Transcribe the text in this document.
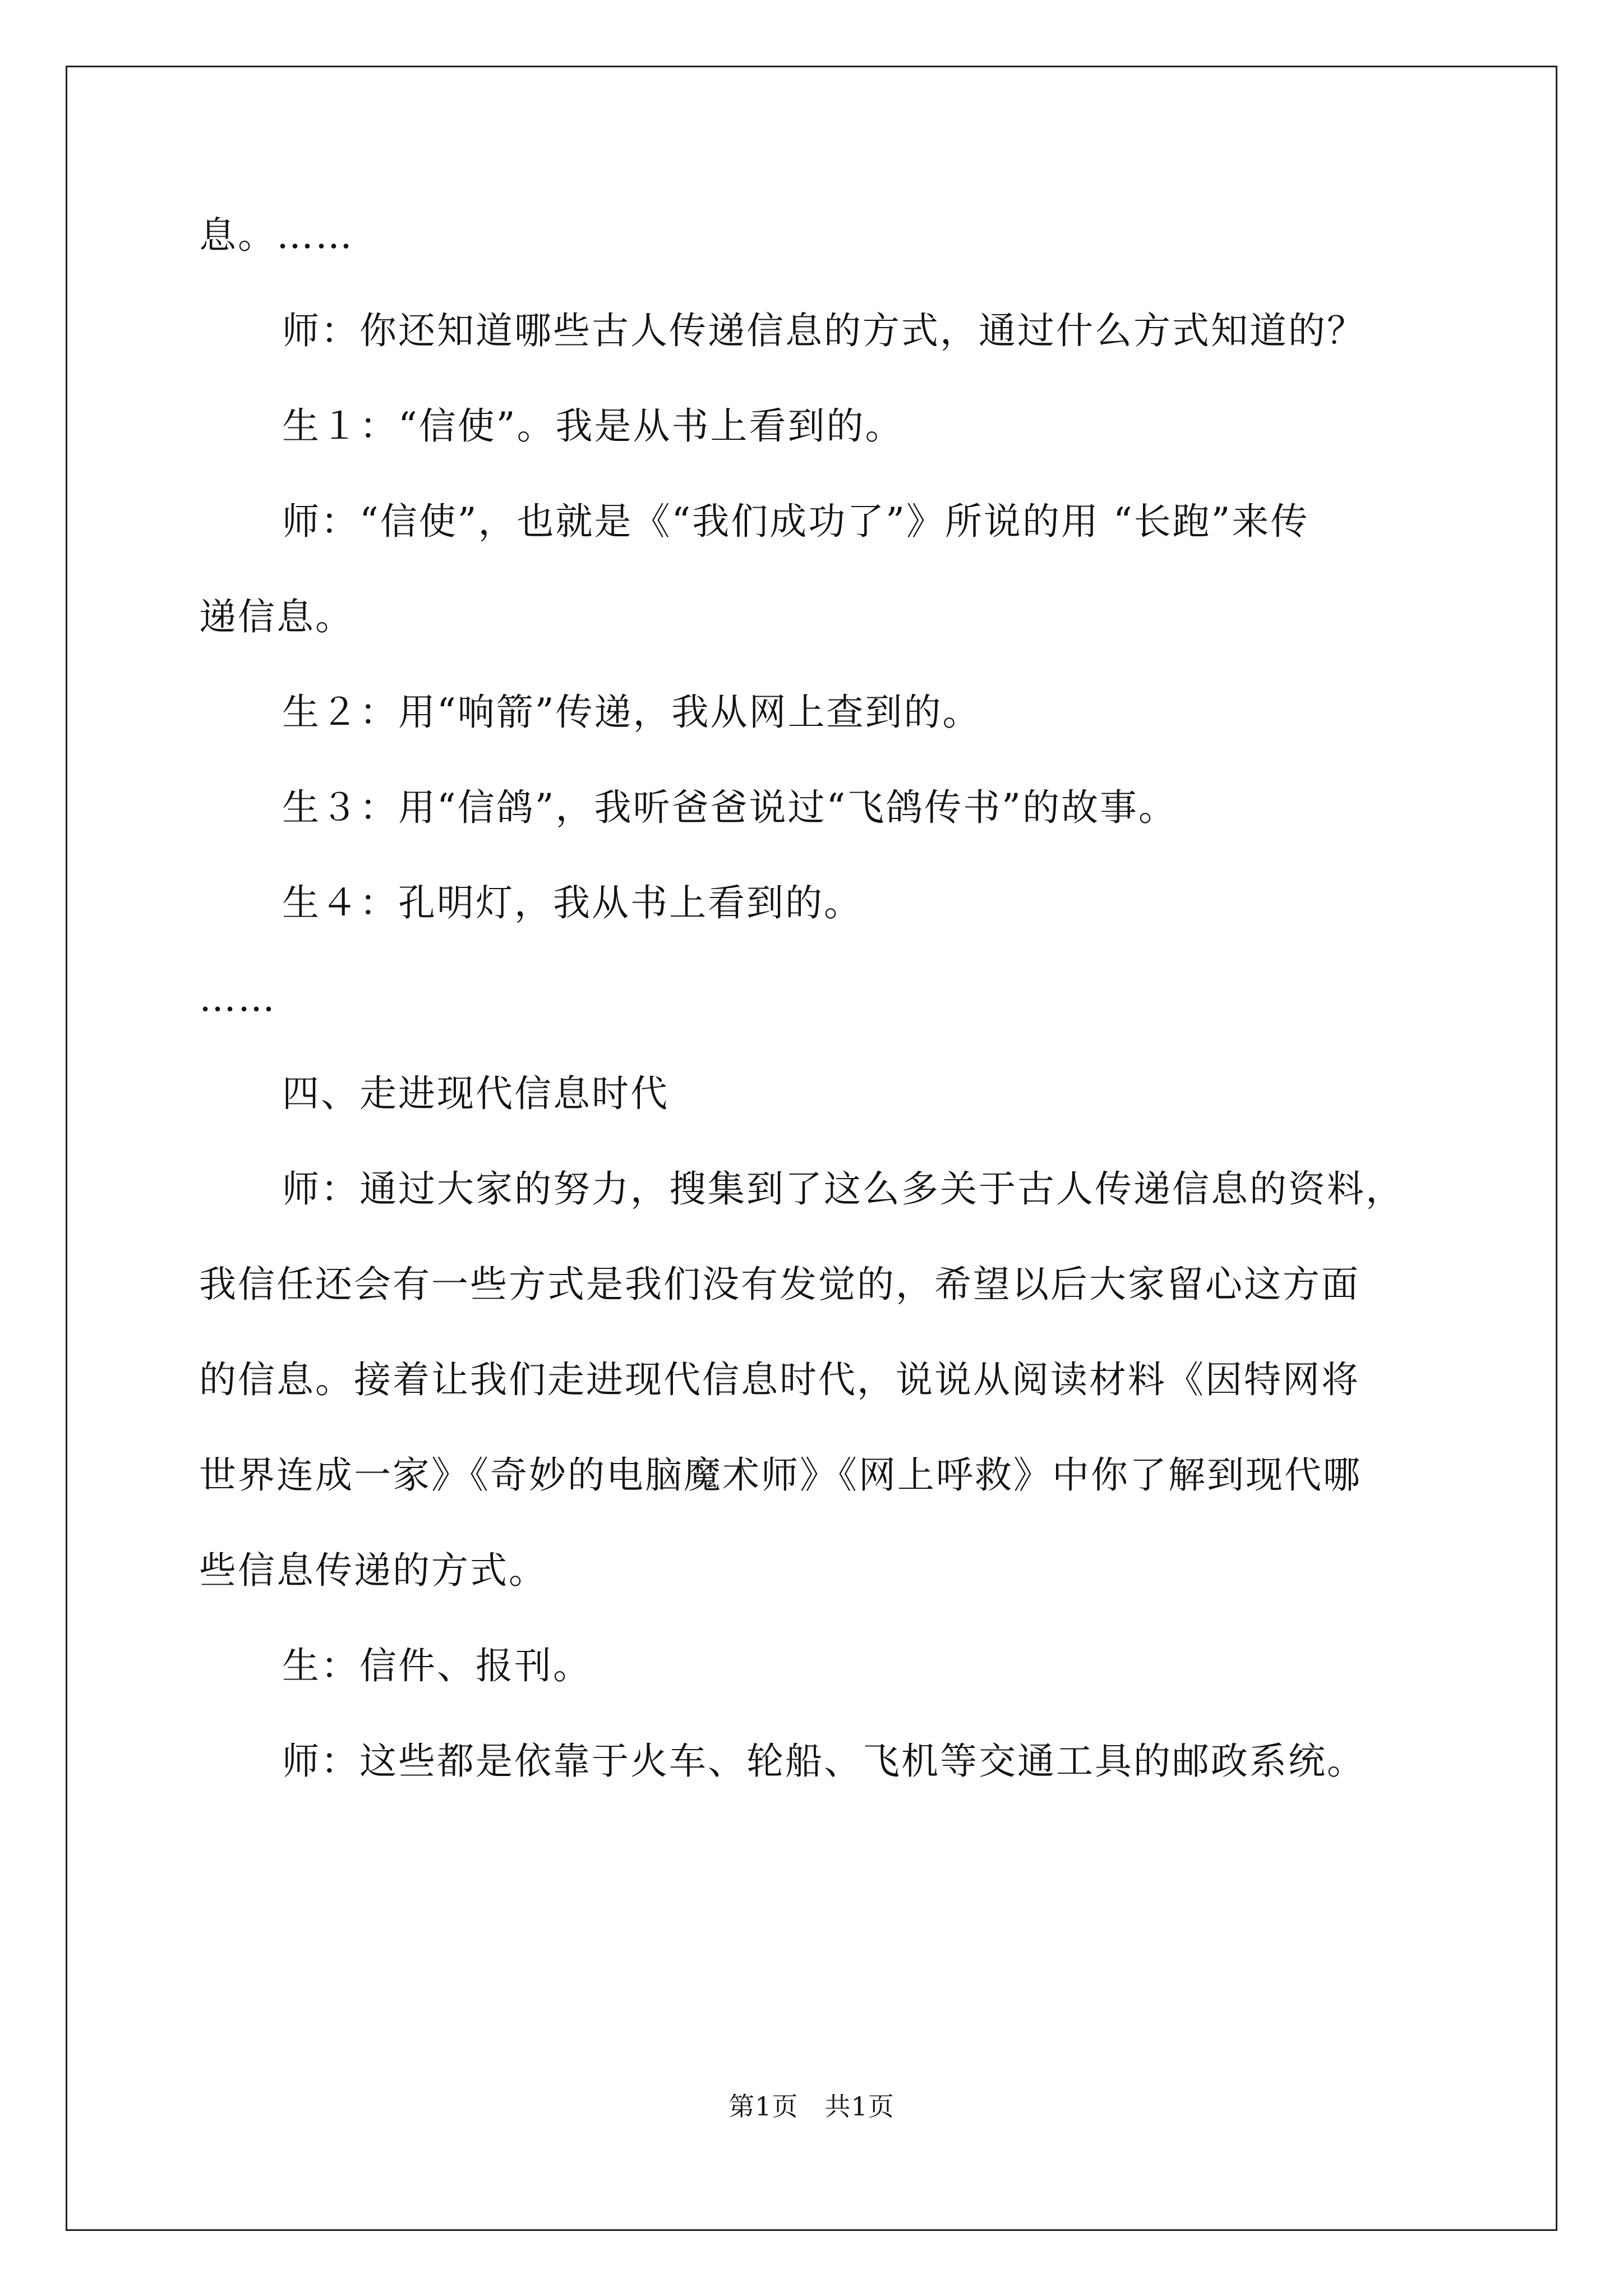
息。……
师：你还知道哪些古人传递信息的方式，通过什么方式知道的？
生１：“信使”。我是从书上看到的。
师：“信使”，也就是《“我们成功了”》所说的用 “长跑”来传
递信息。
生２：用“响箭”传递，我从网上查到的。
生３：用“信鸽”，我听爸爸说过“飞鸽传书”的故事。
生４：孔明灯，我从书上看到的。
……
四、走进现代信息时代
师：通过大家的努力，搜集到了这么多关于古人传递信息的资料，
我信任还会有一些方式是我们没有发觉的，希望以后大家留心这方面
的信息。接着让我们走进现代信息时代，说说从阅读材料《因特网将
世界连成一家》《奇妙的电脑魔术师》《网上呼救》中你了解到现代哪
些信息传递的方式。
生：信件、报刊。
师：这些都是依靠于火车、轮船、飞机等交通工具的邮政系统。
第1页　共1页
